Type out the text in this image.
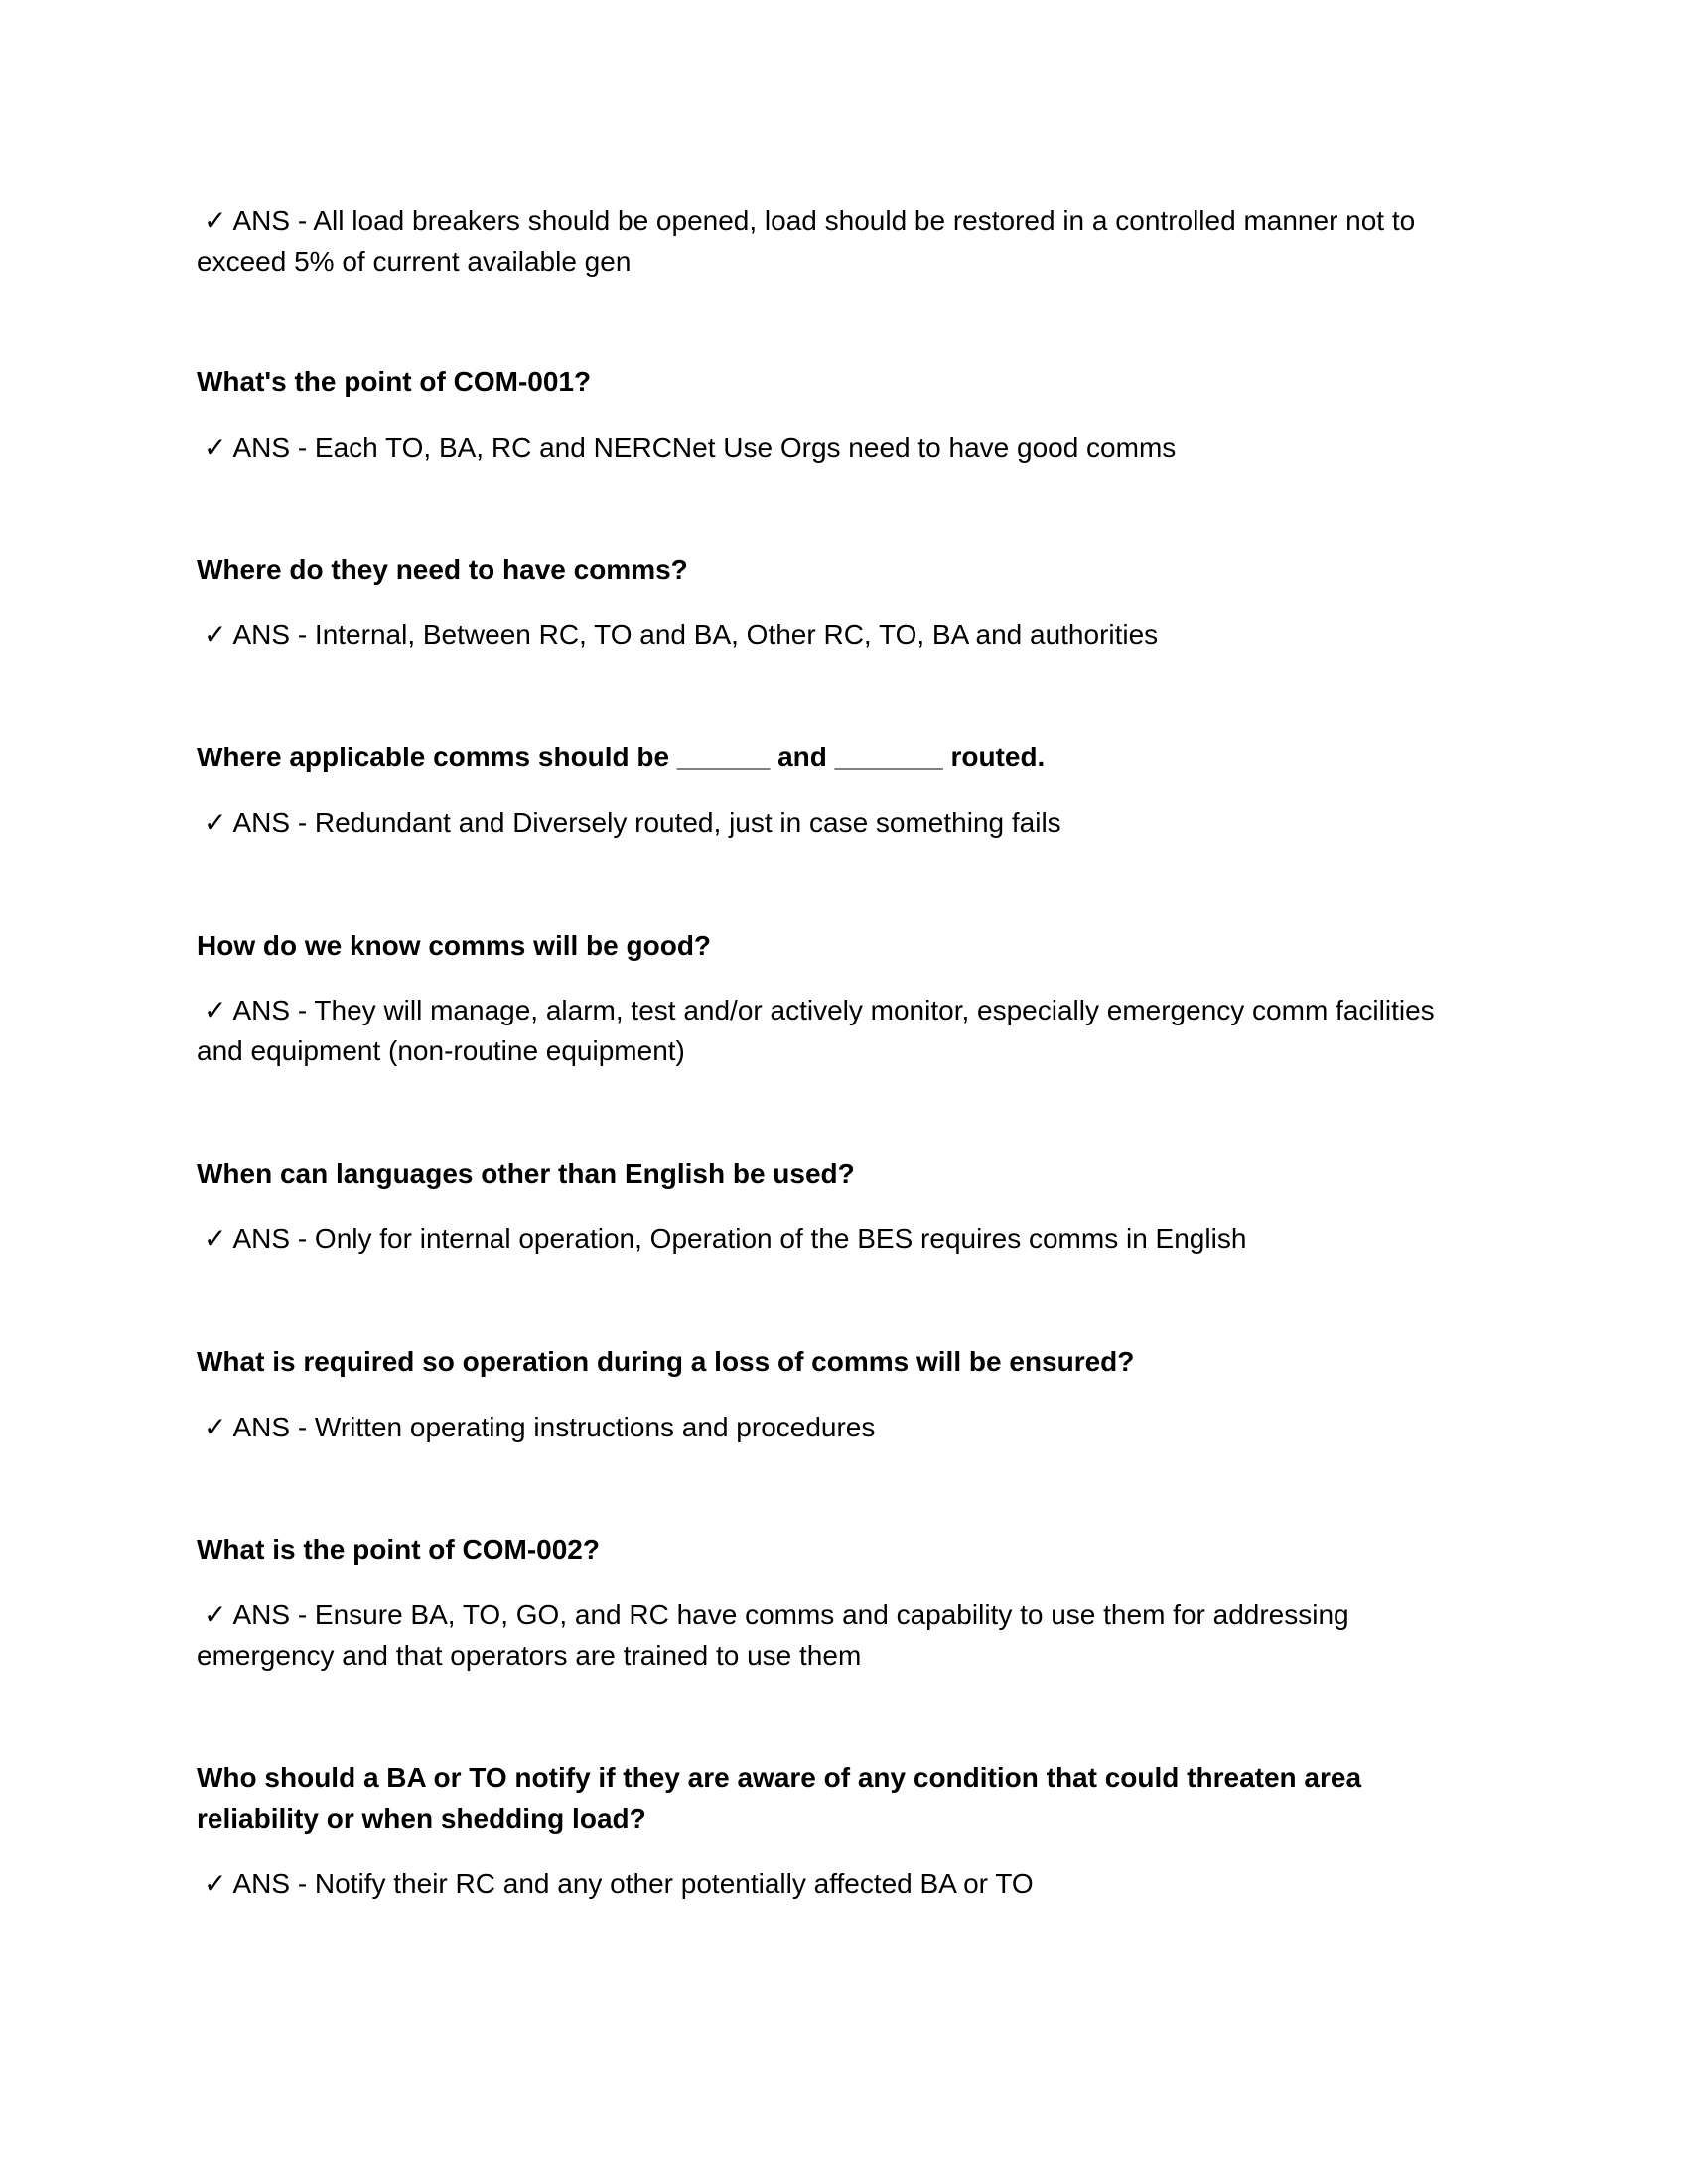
✓ ANS - All load breakers should be opened, load should be restored in a controlled manner not to exceed 5% of current available gen

What's the point of COM-001?

✓ ANS - Each TO, BA, RC and NERCNet Use Orgs need to have good comms

Where do they need to have comms?

✓ ANS - Internal, Between RC, TO and BA, Other RC, TO, BA and authorities

Where applicable comms should be ______ and _______ routed.

✓ ANS - Redundant and Diversely routed, just in case something fails

How do we know comms will be good?

✓ ANS - They will manage, alarm, test and/or actively monitor, especially emergency comm facilities and equipment (non-routine equipment)

When can languages other than English be used?

✓ ANS - Only for internal operation, Operation of the BES requires comms in English

What is required so operation during a loss of comms will be ensured?

✓ ANS - Written operating instructions and procedures

What is the point of COM-002?

✓ ANS - Ensure BA, TO, GO, and RC have comms and capability to use them for addressing emergency and that operators are trained to use them

Who should a BA or TO notify if they are aware of any condition that could threaten area reliability or when shedding load?

✓ ANS - Notify their RC and any other potentially affected BA or TO
